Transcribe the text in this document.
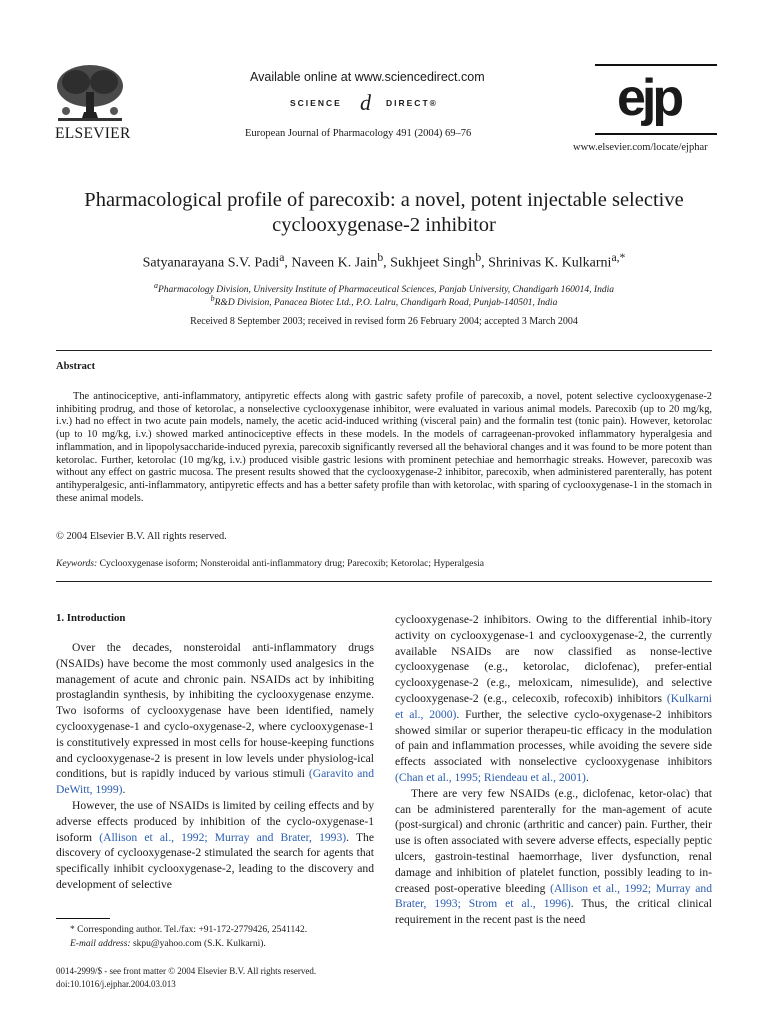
ELSEVIER
Available online at www.sciencedirect.com
SCIENCE d DIRECT®
European Journal of Pharmacology 491 (2004) 69–76
ejp
www.elsevier.com/locate/ejphar
Pharmacological profile of parecoxib: a novel, potent injectable selective
cyclooxygenase-2 inhibitor
Satyanarayana S.V. Padi$^a$, Naveen K. Jain$^b$, Sukhjeet Singh$^b$, Shrinivas K. Kulkarni$^{a,*}$
$^a$Pharmacology Division, University Institute of Pharmaceutical Sciences, Panjab University, Chandigarh 160014, India
$^b$R&D Division, Panacea Biotec Ltd., P.O. Lalru, Chandigarh Road, Punjab-140501, India
Received 8 September 2003; received in revised form 26 February 2004; accepted 3 March 2004
Abstract
The antinociceptive, anti-inflammatory, antipyretic effects along with gastric safety profile of parecoxib, a novel, potent selective cyclooxygenase-2 inhibiting prodrug, and those of ketorolac, a nonselective cyclooxygenase inhibitor, were evaluated in various animal models. Parecoxib (up to 20 mg/kg, i.v.) had no effect in two acute pain models, namely, the acetic acid-induced writhing (visceral pain) and the formalin test (tonic pain). However, ketorolac (up to 10 mg/kg, i.v.) showed marked antinociceptive effects in these models. In the models of carrageenan-provoked inflammatory hyperalgesia and inflammation, and in lipopolysaccharide-induced pyrexia, parecoxib significantly reversed all the behavioral changes and it was found to be more potent than ketorolac. Further, ketorolac (10 mg/kg, i.v.) produced visible gastric lesions with prominent petechiae and hemorrhagic streaks. However, parecoxib was without any effect on gastric mucosa. The present results showed that the cyclooxygenase-2 inhibitor, parecoxib, when administered parenterally, has potent antihyperalgesic, anti-inflammatory, antipyretic effects and has a better safety profile than with ketorolac, with sparing of cyclooxygenase-1 in the stomach in these animal models.
© 2004 Elsevier B.V. All rights reserved.
Keywords: Cyclooxygenase isoform; Nonsteroidal anti-inflammatory drug; Parecoxib; Ketorolac; Hyperalgesia
1. Introduction

Over the decades, nonsteroidal anti-inflammatory drugs (NSAIDs) have become the most commonly used analgesics in the management of acute and chronic pain. NSAIDs act by inhibiting prostaglandin synthesis, by inhibiting the cyclooxygenase enzyme. Two isoforms of cyclooxygenase have been identified, namely cyclooxygenase-1 and cyclo-oxygenase-2, where cyclooxygenase-1 is constitutively expressed in most cells for house-keeping functions and cyclooxygenase-2 is present in low levels under physiolog-ical conditions, but is rapidly induced by various stimuli (Garavito and DeWitt, 1999).

However, the use of NSAIDs is limited by ceiling effects and by adverse effects produced by inhibition of the cyclo-oxygenase-1 isoform (Allison et al., 1992; Murray and Brater, 1993). The discovery of cyclooxygenase-2 stimulated the search for agents that specifically inhibit cyclooxygenase-2, leading to the discovery and development of selective

cyclooxygenase-2 inhibitors. Owing to the differential inhib-itory activity on cyclooxygenase-1 and cyclooxygenase-2, the currently available NSAIDs are now classified as nonse-lective cyclooxygenase (e.g., ketorolac, diclofenac), prefer-ential cyclooxygenase-2 (e.g., meloxicam, nimesulide), and selective cyclooxygenase-2 (e.g., celecoxib, rofecoxib) inhibitors (Kulkarni et al., 2000). Further, the selective cyclo-oxygenase-2 inhibitors showed similar or superior therapeu-tic efficacy in the modulation of pain and inflammation processes, while avoiding the severe side effects associated with nonselective cyclooxygenase inhibitors (Chan et al., 1995; Riendeau et al., 2001).

There are very few NSAIDs (e.g., diclofenac, ketor-olac) that can be administered parenterally for the man-agement of acute (post-surgical) and chronic (arthritic and cancer) pain. Further, their use is often associated with severe adverse effects, especially peptic ulcers, gastroin-testinal haemorrhage, liver dysfunction, renal damage and inhibition of platelet function, possibly leading to in-creased post-operative bleeding (Allison et al., 1992; Murray and Brater, 1993; Strom et al., 1996). Thus, the critical clinical requirement in the recent past is the need

* Corresponding author. Tel./fax: +91-172-2779426, 2541142.
E-mail address: skpu@yahoo.com (S.K. Kulkarni).
0014-2999/$ - see front matter © 2004 Elsevier B.V. All rights reserved.
doi:10.1016/j.ejphar.2004.03.013
